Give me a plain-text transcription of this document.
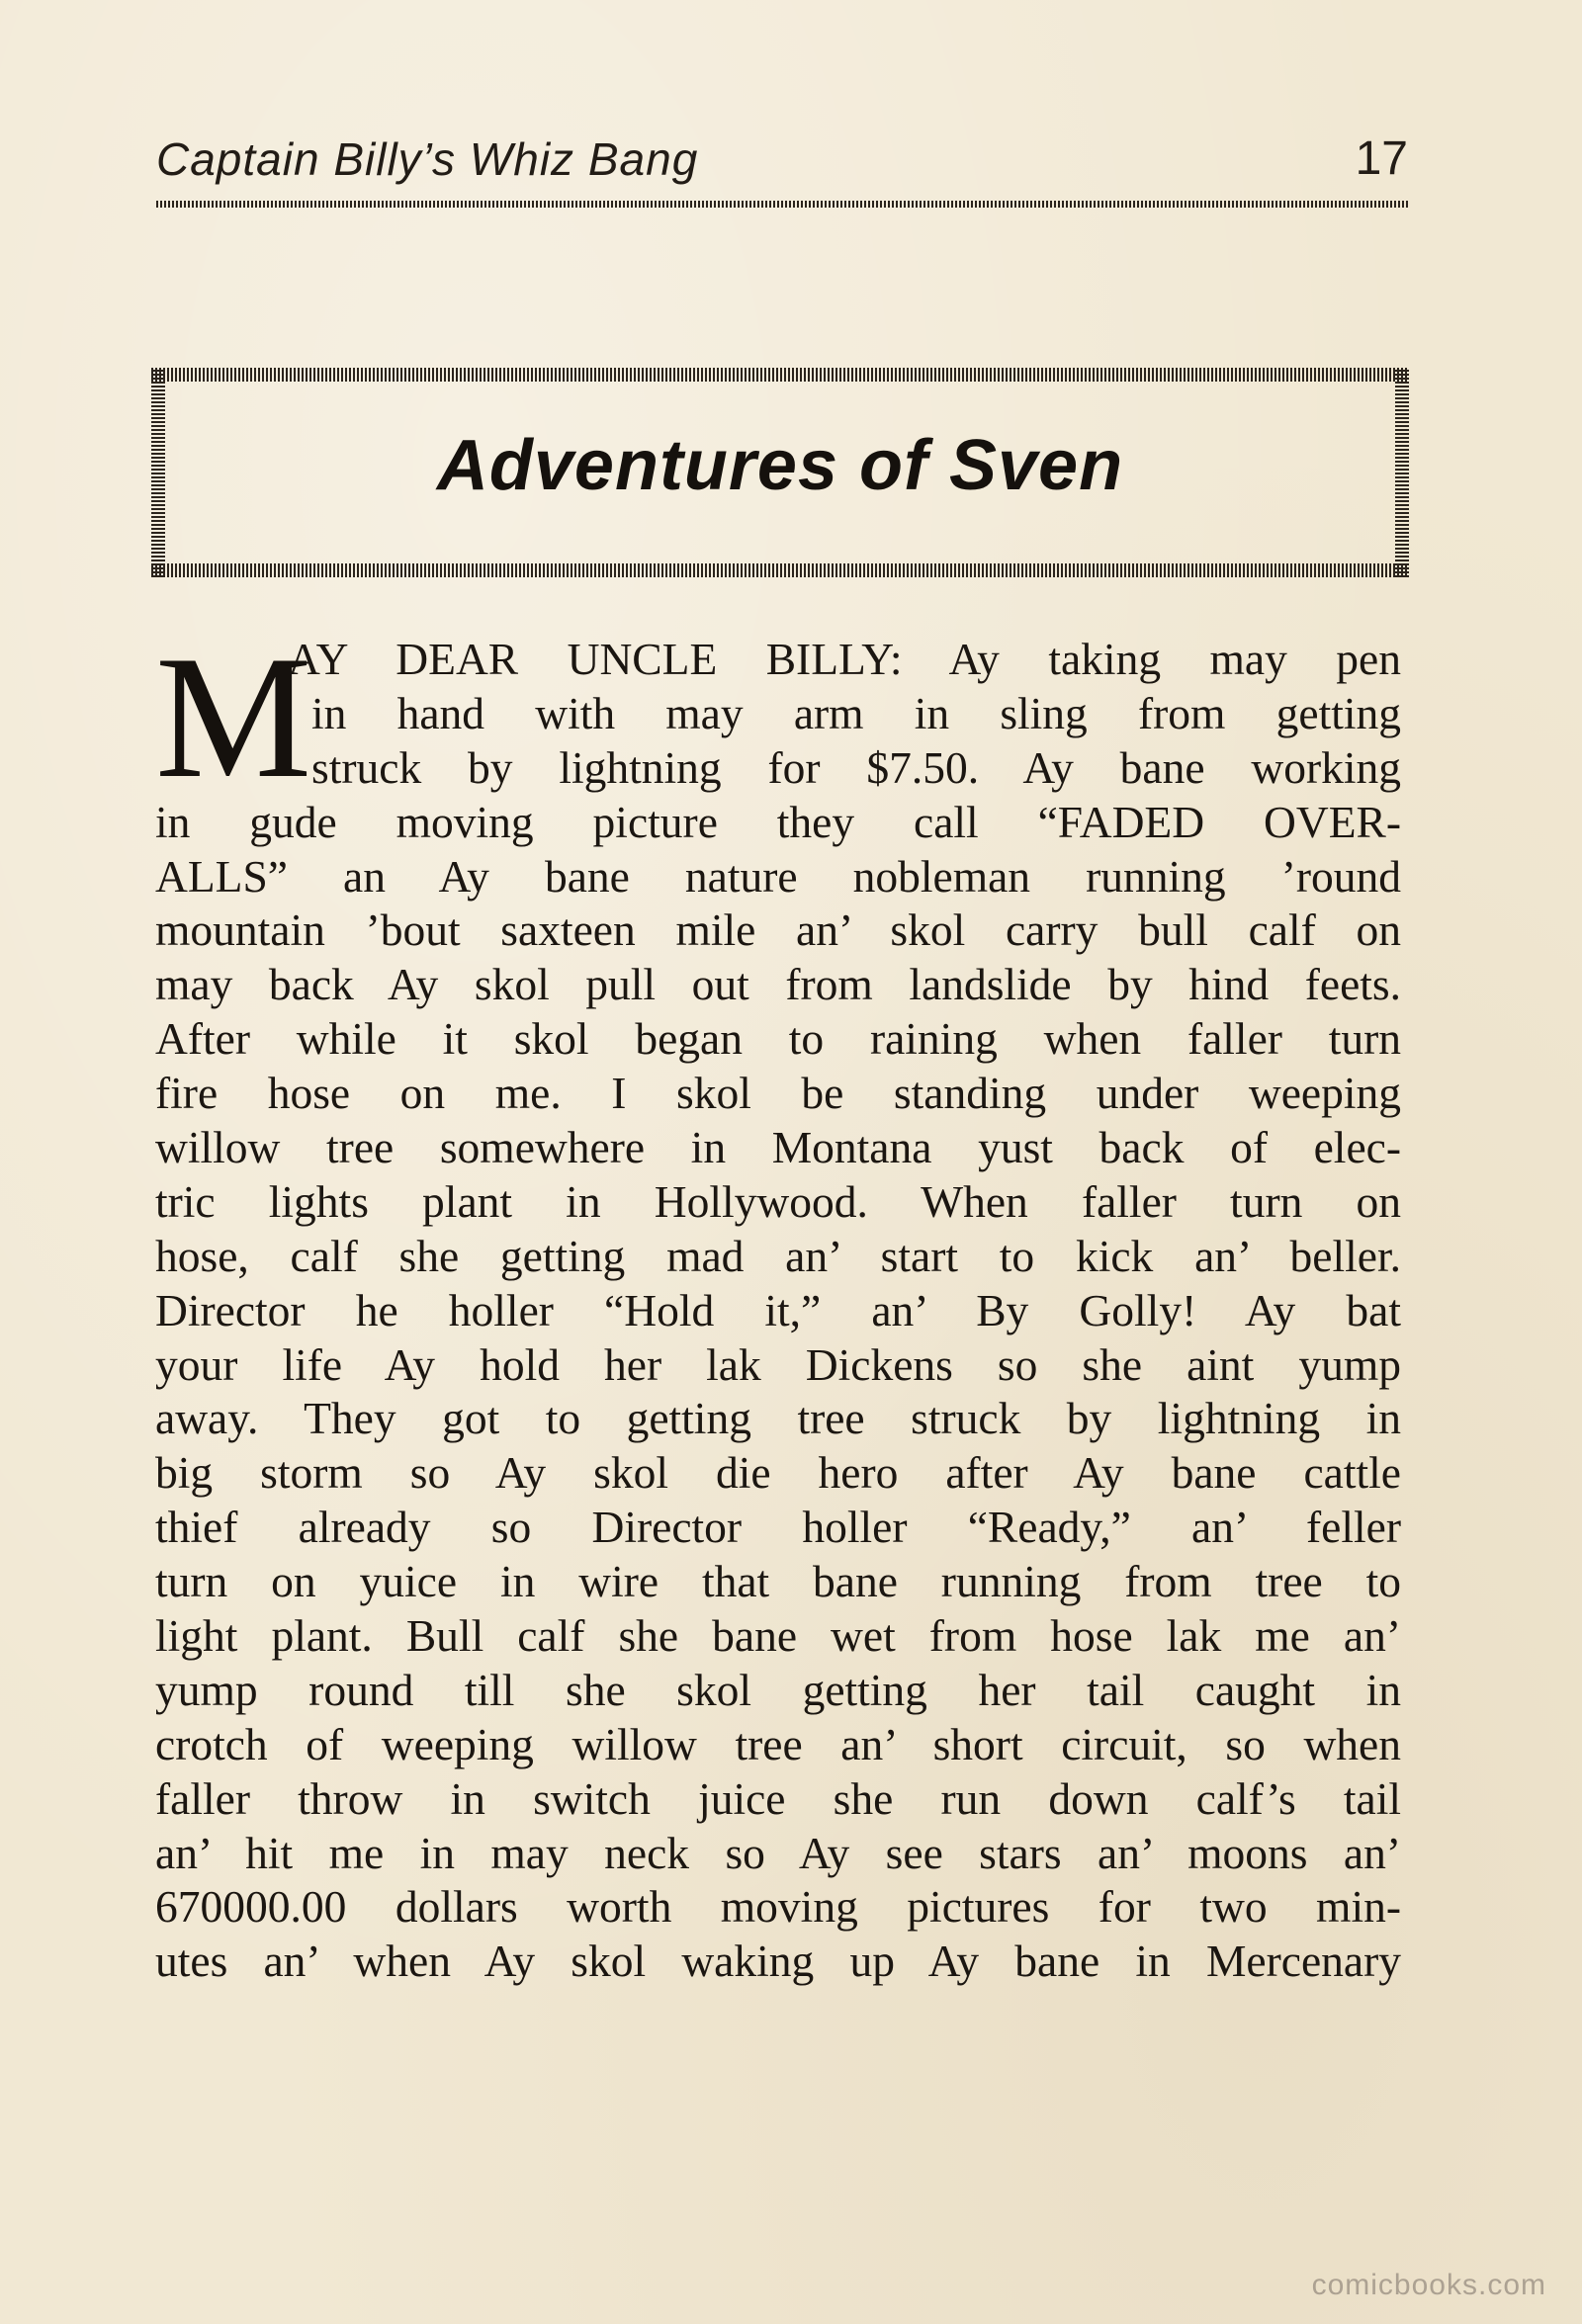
Captain Billy’s Whiz Bang	17
Adventures of Sven
M
AY DEAR UNCLE BILLY: Ay taking may pen
in hand with may arm in sling from getting
struck by lightning for $7.50. Ay bane working
in gude moving picture they call “FADED OVER-
ALLS” an Ay bane nature nobleman running ’round
mountain ’bout saxteen mile an’ skol carry bull calf on
may back Ay skol pull out from landslide by hind feets.
After while it skol began to raining when faller turn
fire hose on me. I skol be standing under weeping
willow tree somewhere in Montana yust back of elec-
tric lights plant in Hollywood. When faller turn on
hose, calf she getting mad an’ start to kick an’ beller.
Director he holler “Hold it,” an’ By Golly! Ay bat
your life Ay hold her lak Dickens so she aint yump
away. They got to getting tree struck by lightning in
big storm so Ay skol die hero after Ay bane cattle
thief already so Director holler “Ready,” an’ feller
turn on yuice in wire that bane running from tree to
light plant. Bull calf she bane wet from hose lak me an’
yump round till she skol getting her tail caught in
crotch of weeping willow tree an’ short circuit, so when
faller throw in switch juice she run down calf’s tail
an’ hit me in may neck so Ay see stars an’ moons an’
670000.00 dollars worth moving pictures for two min-
utes an’ when Ay skol waking up Ay bane in Mercenary
comicbooks.com
